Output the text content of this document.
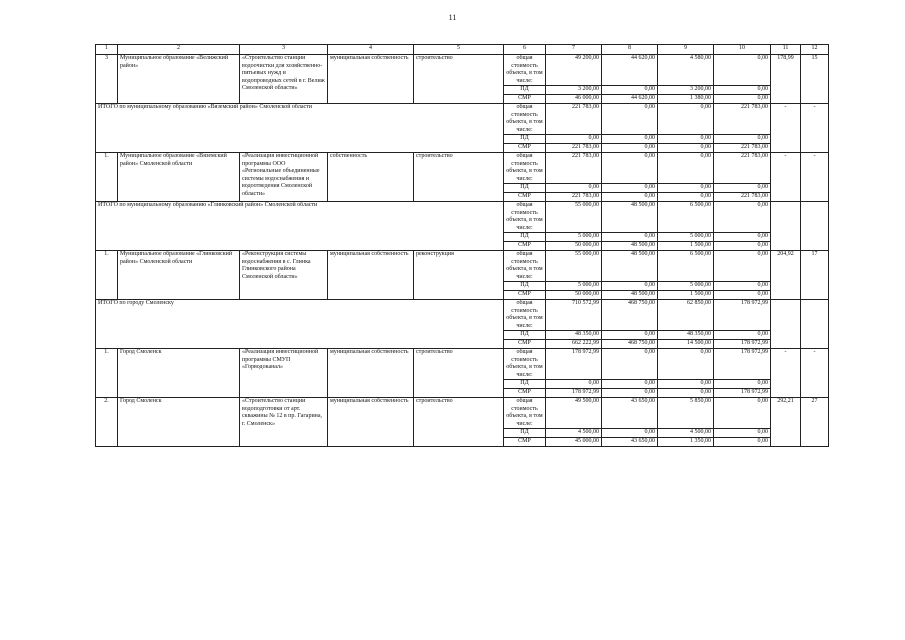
11
1	2	3	4	5	6	7	8	9	10	11	12
3	Муниципальное образование «Велижский район»	«Строительство станции водоочистки для хозяйственно-питьевых нужд и водопроводных сетей в г. Велиж Смоленской области»	муниципальная собственность	строительство	общая стоимость объекта, в том числе:	49 200,00	44 620,00	4 580,00	0,00	178,99	15
					ПД	3 200,00	0,00	3 200,00	0,00		
					СМР	46 000,00	44 620,00	1 380,00	0,00		
ИТОГО по муниципальному образованию «Вяземский район» Смоленской области					общая стоимость объекта, в том числе:	221 783,00	0,00	0,00	221 783,00	-	-
					ПД	0,00	0,00	0,00	0,00		
					СМР	221 783,00	0,00	0,00	221 783,00		
1.	Муниципальное образование «Вяземский район» Смоленской области	«Реализация инвестиционной программы ООО «Региональные объединенные системы водоснабжения и водоотведения Смоленской области»	собственность	строительство	общая стоимость объекта, в том числе:	221 783,00	0,00	0,00	221 783,00	-	-
					ПД	0,00	0,00	0,00	0,00		
					СМР	221 783,00	0,00	0,00	221 783,00		
ИТОГО по муниципальному образованию «Глинковский район» Смоленской области					общая стоимость объекта, в том числе:	55 000,00	48 500,00	6 500,00	0,00		
					ПД	5 000,00	0,00	5 000,00	0,00		
					СМР	50 000,00	48 500,00	1 500,00	0,00		
1.	Муниципальное образование «Глинковский район» Смоленской области	«Реконструкция системы водоснабжения в с. Глинка Глинковского района Смоленской области»	муниципальная собственность	реконструкция	общая стоимость объекта, в том числе:	55 000,00	48 500,00	6 500,00	0,00	204,92	17
					ПД	5 000,00	0,00	5 000,00	0,00		
					СМР	50 000,00	48 500,00	1 500,00	0,00		
ИТОГО по городу Смоленску					общая стоимость объекта, в том числе:	710 572,99	468 750,00	62 850,00	178 972,99		
					ПД	48 350,00	0,00	48 350,00	0,00		
					СМР	662 222,99	468 750,00	14 500,00	178 972,99		
1.	Город Смоленск	«Реализация инвестиционной программы СМУП «Горводоканал»	муниципальная собственность	строительство	общая стоимость объекта, в том числе:	178 972,99	0,00	0,00	178 972,99	-	-
					ПД	0,00	0,00	0,00	0,00		
					СМР	178 972,99	0,00	0,00	178 972,99		
2.	Город Смоленск	«Строительство станции водоподготовки от арт. скважины № 12 в пр. Гагарина, г. Смоленск»	муниципальная собственность	строительство	общая стоимость объекта, в том числе:	49 500,00	43 650,00	5 850,00	0,00	292,21	27
					ПД	4 500,00	0,00	4 500,00	0,00		
					СМР	45 000,00	43 650,00	1 350,00	0,00		
